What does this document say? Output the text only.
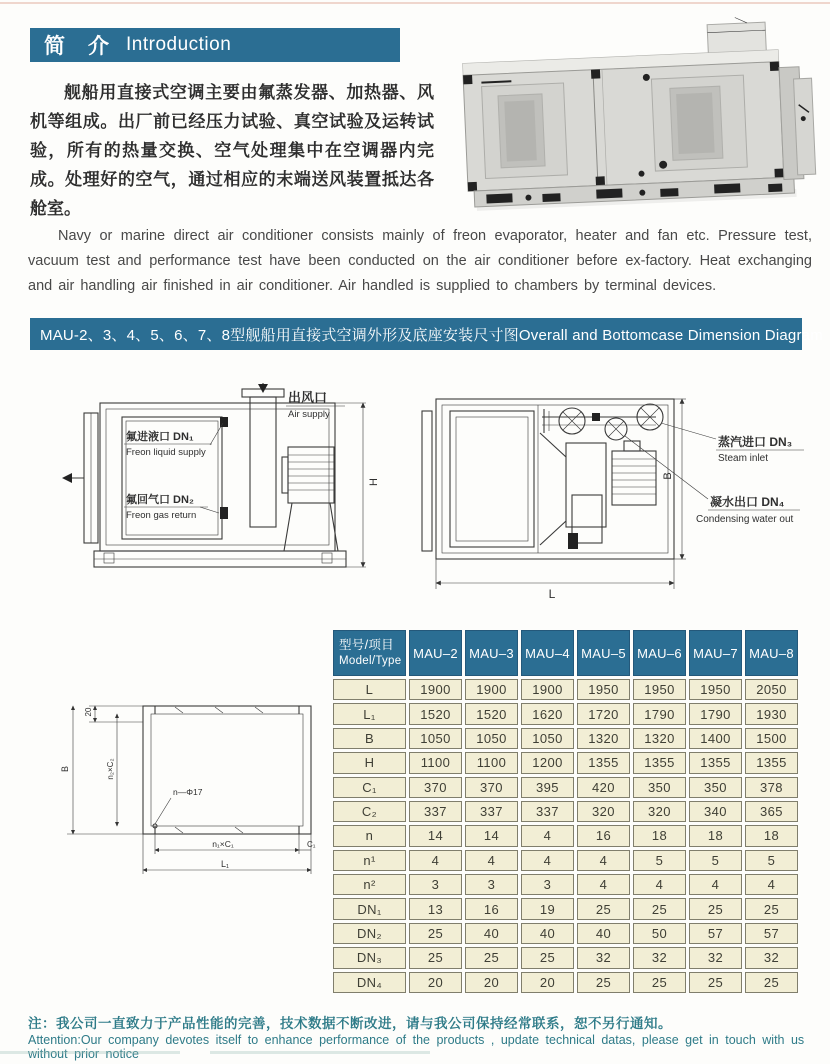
简　介 Introduction
舰船用直接式空调主要由氟蒸发器、加热器、风机等组成。出厂前已经压力试验、真空试验及运转试验，所有的热量交换、空气处理集中在空调器内完成。处理好的空气，通过相应的末端送风装置抵达各舱室。
Navy or marine direct air conditioner consists mainly of freon evaporator, heater and fan etc. Pressure test, vacuum test and performance test have been conducted on the air conditioner before ex-factory. Heat exchanging and air handling air finished in air conditioner. Air handled is supplied to chambers by terminal devices.
MAU-2、3、4、5、6、7、8型舰船用直接式空调外形及底座安装尺寸图Overall and Bottomcase Dimension Diagram
出风口
Air supply
氟进液口 DN₁
Freon liquid supply
氟回气口 DN₂
Freon gas return
H
蒸汽进口 DN₃
Steam inlet
凝水出口 DN₄
Condensing water out
B
L
20
B	n₂×C₂
n—Φ17
n₁×C₁	C₁
L₁
型号/项目
Model/Type
MAU–2 MAU–3 MAU–4 MAU–5 MAU–6 MAU–7 MAU–8
L	1900	1900	1900	1950	1950	1950	2050
L₁	1520	1520	1620	1720	1790	1790	1930
B	1050	1050	1050	1320	1320	1400	1500
H	1100	1100	1200	1355	1355	1355	1355
C₁	370	370	395	420	350	350	378
C₂	337	337	337	320	320	340	365
n	14	14	4	16	18	18	18
n¹	4	4	4	4	5	5	5
n²	3	3	3	4	4	4	4
DN₁	13	16	19	25	25	25	25
DN₂	25	40	40	40	50	57	57
DN₃	25	25	25	32	32	32	32
DN₄	20	20	20	25	25	25	25
注：我公司一直致力于产品性能的完善，技术数据不断改进，请与我公司保持经常联系，恕不另行通知。
Attention:Our company devotes itself to enhance performance of the products , update technical datas, please get in touch with us without prior notice
